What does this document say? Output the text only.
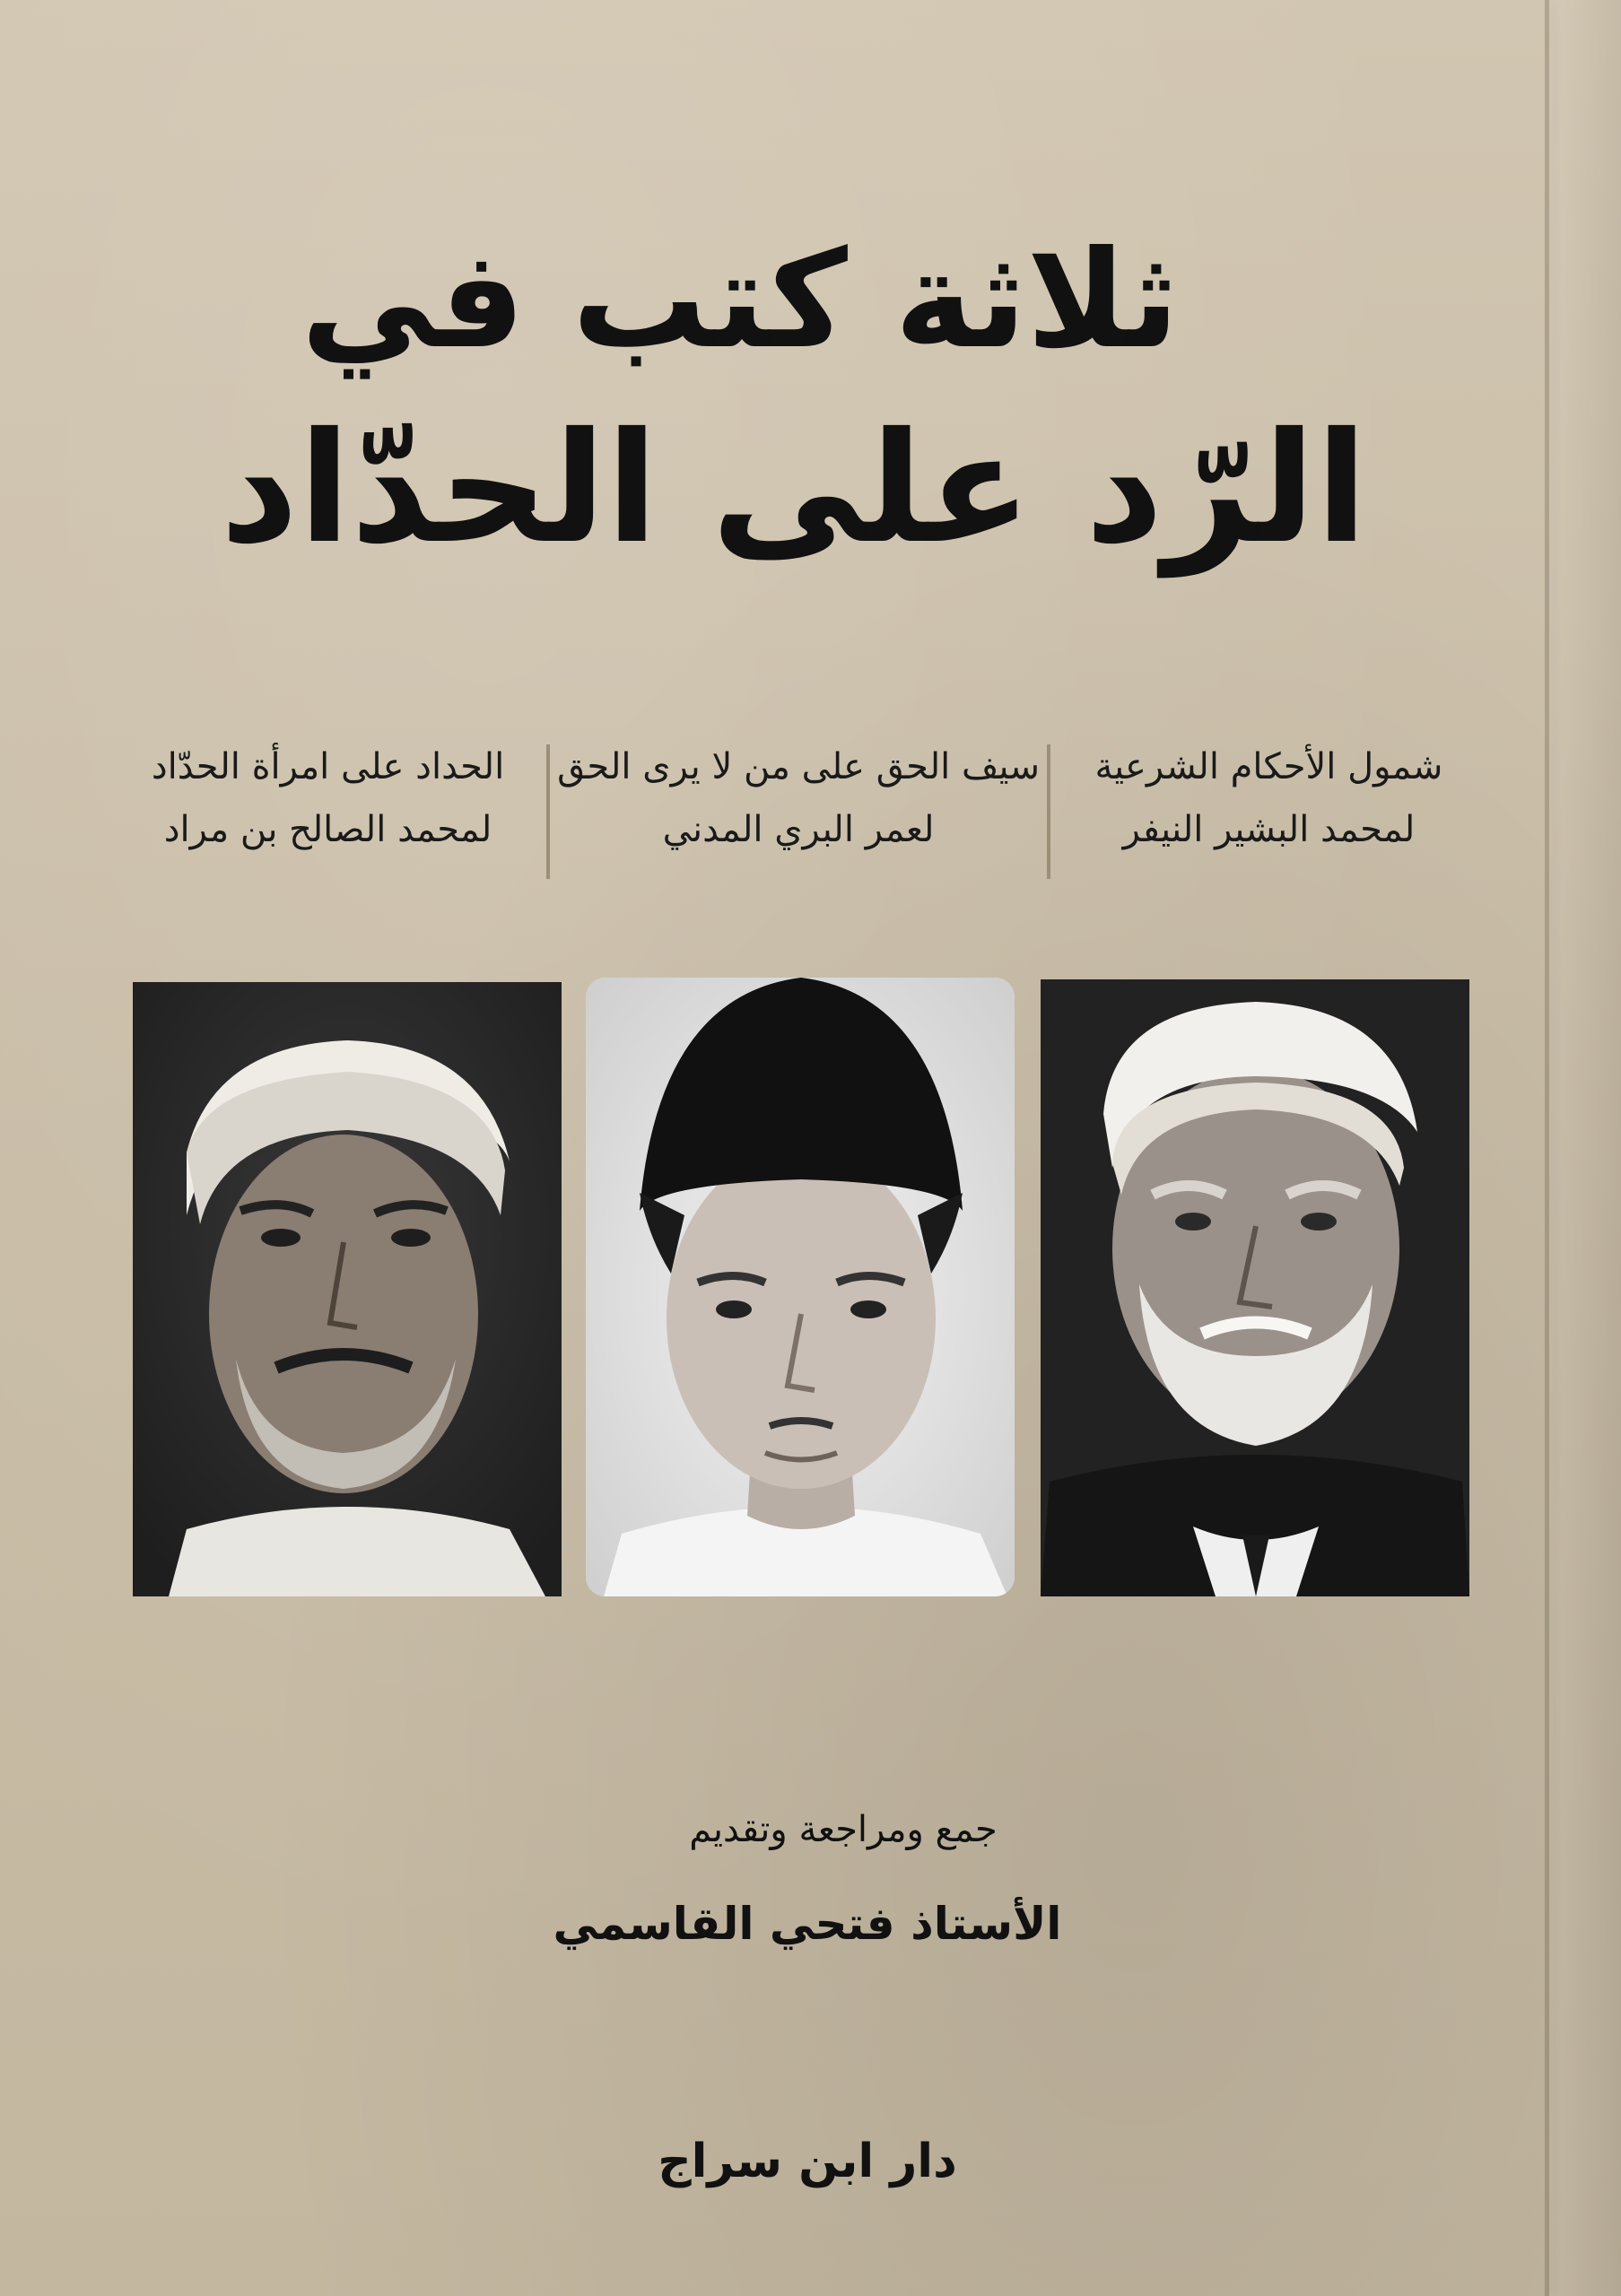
ثلاثة كتب في
الرّد على الحدّاد
الحداد على امرأة الحدّاد
لمحمد الصالح بن مراد
سيف الحق على من لا يرى الحق
لعمر البري المدني
شمول الأحكام الشرعية
لمحمد البشير النيفر
جمع ومراجعة وتقديم
الأستاذ فتحي القاسمي
دار ابن سراج
